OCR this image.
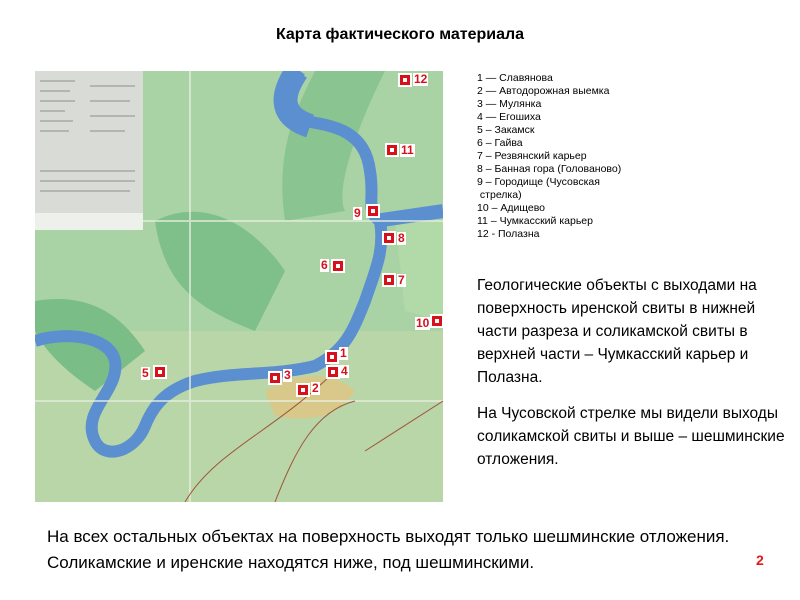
Карта фактического материала
12
11
9
8
6
7
10
1
4
3
2
5
1 — Славянова
2 — Автодорожная выемка
3 — Мулянка
4 — Егошиха
5 – Закамск
6 – Гайва
7 – Резвянский карьер
8 – Банная гора (Голованово)
9 – Городище (Чусовская
стрелка)
10 – Адищево
11 – Чумкасский карьер
12 - Полазна
Геологические объекты с выходами на поверхность иренской свиты в нижней части разреза и соликамской свиты в верхней части – Чумкасский карьер и Полазна.
На Чусовской стрелке мы видели выходы соликамской свиты и выше – шешминские отложения.
На всех остальных объектах на поверхность выходят только шешминские отложения. Соликамские и иренские находятся ниже, под шешминскими.	2
